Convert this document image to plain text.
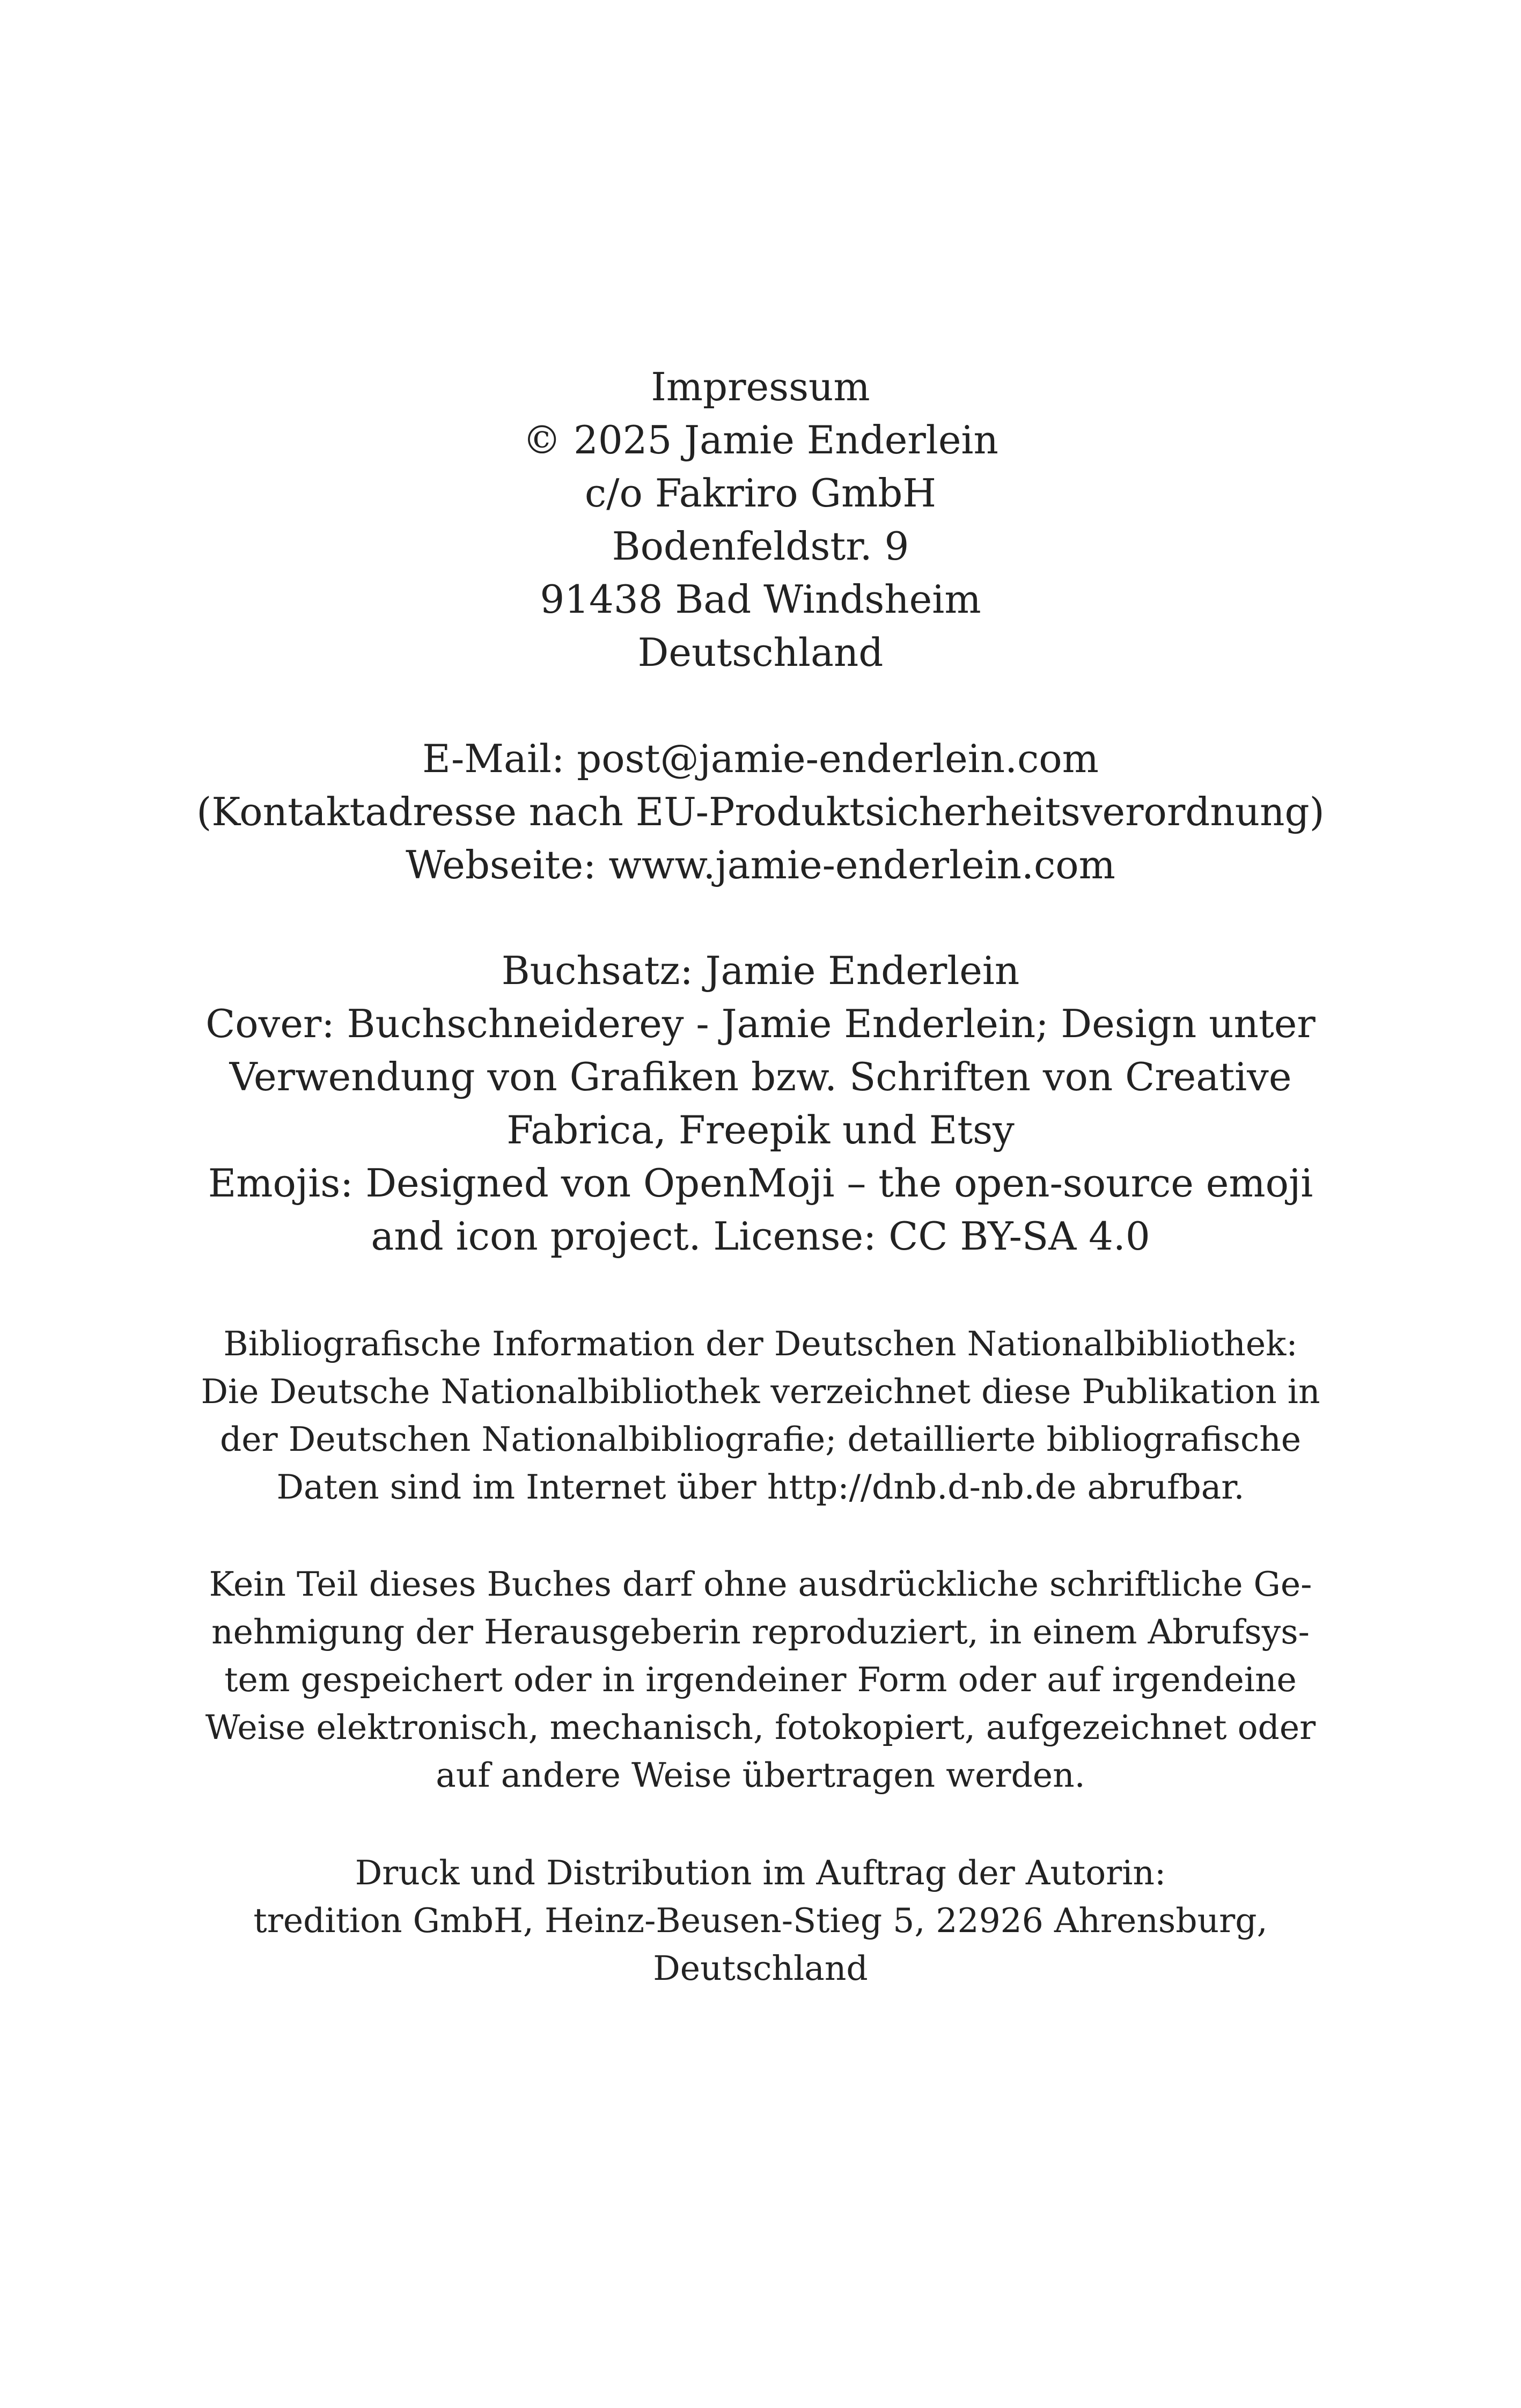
Impressum
© 2025 Jamie Enderlein
c/o Fakriro GmbH
Bodenfeldstr. 9
91438 Bad Windsheim
Deutschland
E-Mail: post@jamie-enderlein.com
(Kontaktadresse nach EU-Produktsicherheitsverordnung)
Webseite: www.jamie-enderlein.com
Buchsatz: Jamie Enderlein
Cover: Buchschneiderey - Jamie Enderlein; Design unter
Verwendung von Grafiken bzw. Schriften von Creative
Fabrica, Freepik und Etsy
Emojis: Designed von OpenMoji – the open-source emoji
and icon project. License: CC BY-SA 4.0
Bibliografische Information der Deutschen Nationalbibliothek:
Die Deutsche Nationalbibliothek verzeichnet diese Publikation in
der Deutschen Nationalbibliografie; detaillierte bibliografische
Daten sind im Internet über http://dnb.d-nb.de abrufbar.
Kein Teil dieses Buches darf ohne ausdrückliche schriftliche Ge-
nehmigung der Herausgeberin reproduziert, in einem Abrufsys-
tem gespeichert oder in irgendeiner Form oder auf irgendeine
Weise elektronisch, mechanisch, fotokopiert, aufgezeichnet oder
auf andere Weise übertragen werden.
Druck und Distribution im Auftrag der Autorin:
tredition GmbH, Heinz-Beusen-Stieg 5, 22926 Ahrensburg,
Deutschland
